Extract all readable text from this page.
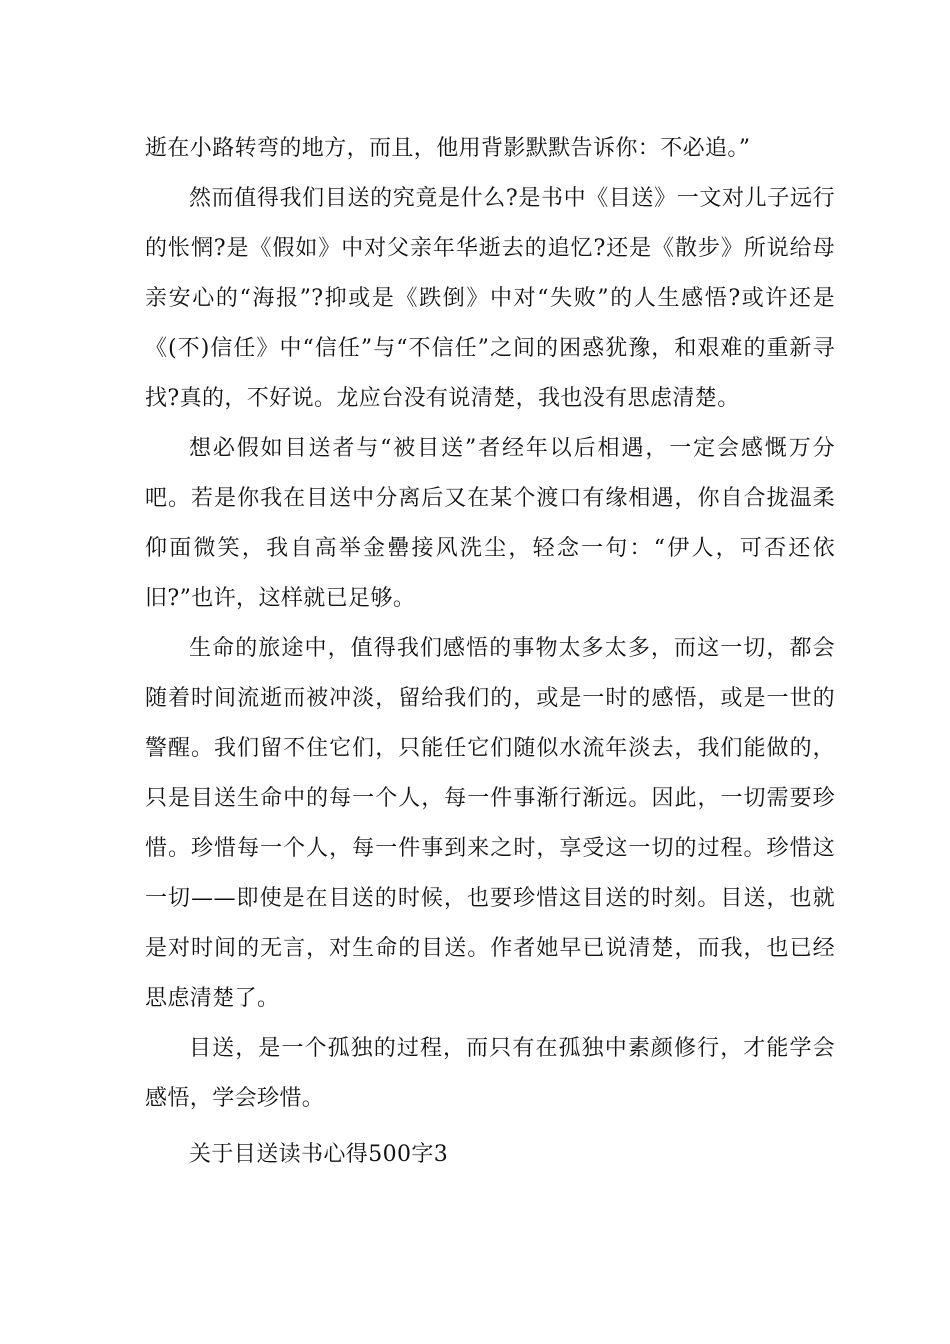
逝在小路转弯的地方，而且，他用背影默默告诉你：不必追。”

然而值得我们目送的究竟是什么?是书中《目送》一文对儿子远行的怅惘?是《假如》中对父亲年华逝去的追忆?还是《散步》所说给母亲安心的“海报”?抑或是《跌倒》中对“失败”的人生感悟?或许还是《(不)信任》中“信任”与“不信任”之间的困惑犹豫，和艰难的重新寻找?真的，不好说。龙应台没有说清楚，我也没有思虑清楚。

想必假如目送者与“被目送”者经年以后相遇，一定会感慨万分吧。若是你我在目送中分离后又在某个渡口有缘相遇，你自合拢温柔仰面微笑，我自高举金罍接风洗尘，轻念一句：“伊人，可否还依旧?”也许，这样就已足够。

生命的旅途中，值得我们感悟的事物太多太多，而这一切，都会随着时间流逝而被冲淡，留给我们的，或是一时的感悟，或是一世的警醒。我们留不住它们，只能任它们随似水流年淡去，我们能做的，只是目送生命中的每一个人，每一件事渐行渐远。因此，一切需要珍惜。珍惜每一个人，每一件事到来之时，享受这一切的过程。珍惜这一切——即使是在目送的时候，也要珍惜这目送的时刻。目送，也就是对时间的无言，对生命的目送。作者她早已说清楚，而我，也已经思虑清楚了。

目送，是一个孤独的过程，而只有在孤独中素颜修行，才能学会感悟，学会珍惜。

关于目送读书心得500字3
